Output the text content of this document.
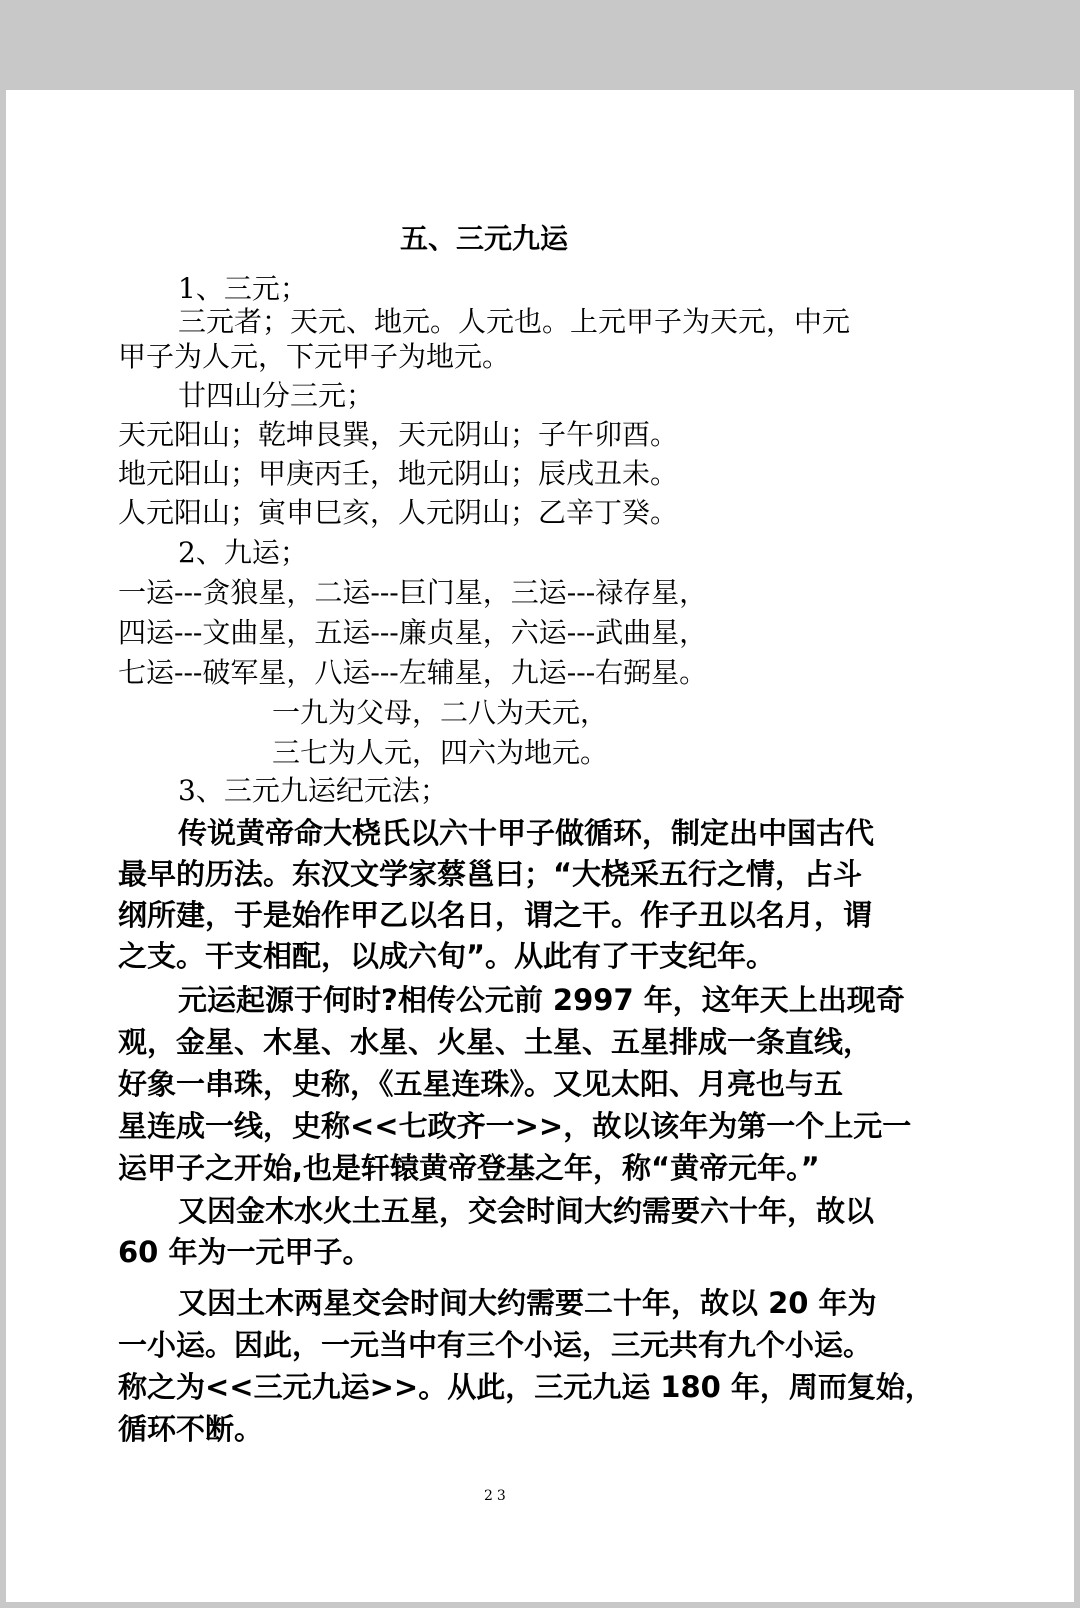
五、三元九运
1、三元；
三元者；天元、地元。人元也。上元甲子为天元，中元
甲子为人元，下元甲子为地元。
廿四山分三元；
天元阳山；乾坤艮巽，天元阴山；子午卯酉。
地元阳山；甲庚丙壬，地元阴山；辰戌丑未。
人元阳山；寅申巳亥，人元阴山；乙辛丁癸。
2、九运；
一运---贪狼星，二运---巨门星，三运---禄存星，
四运---文曲星，五运---廉贞星，六运---武曲星，
七运---破军星，八运---左辅星，九运---右弼星。
一九为父母，二八为天元，
三七为人元，四六为地元。
3、三元九运纪元法；
传说黄帝命大桡氏以六十甲子做循环，制定出中国古代
最早的历法。东汉文学家蔡邕曰；“大桡采五行之情，占斗
纲所建，于是始作甲乙以名日，谓之干。作子丑以名月，谓
之支。干支相配，以成六旬”。从此有了干支纪年。
元运起源于何时?相传公元前 2997 年，这年天上出现奇
观，金星、木星、水星、火星、土星、五星排成一条直线，
好象一串珠，史称，《五星连珠》。又见太阳、月亮也与五
星连成一线，史称<<七政齐一>>，故以该年为第一个上元一
运甲子之开始,也是轩辕黄帝登基之年，称“黄帝元年。”
又因金木水火土五星，交会时间大约需要六十年，故以
60 年为一元甲子。
又因土木两星交会时间大约需要二十年，故以 20 年为
一小运。因此，一元当中有三个小运，三元共有九个小运。
称之为<<三元九运>>。从此，三元九运 180 年，周而复始，
循环不断。
23
